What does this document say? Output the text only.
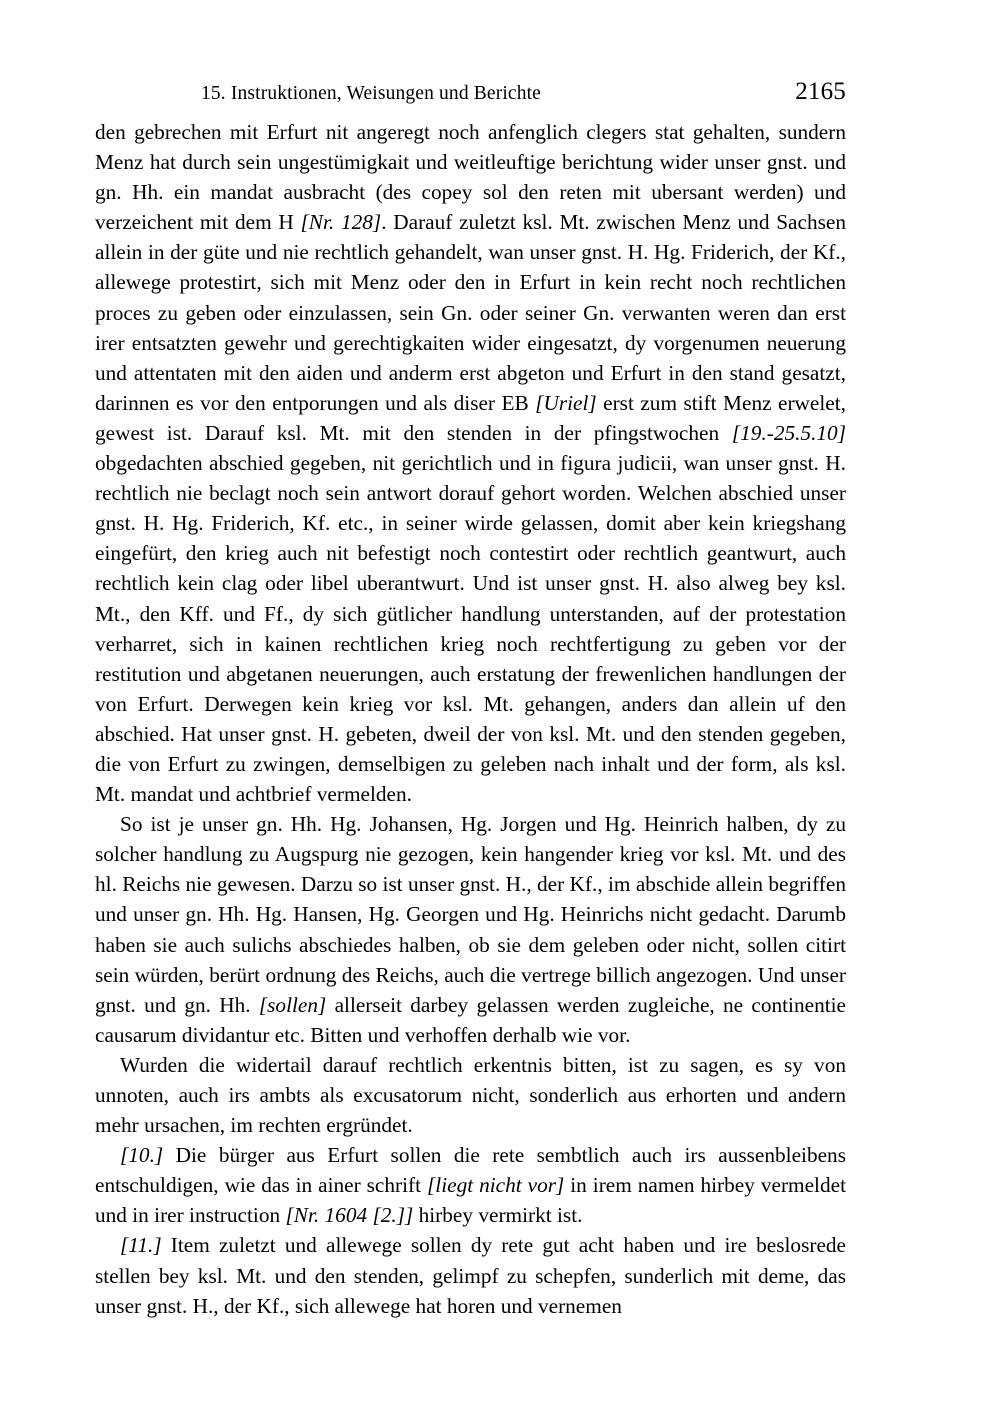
15. Instruktionen, Weisungen und Berichte	2165

den gebrechen mit Erfurt nit angeregt noch anfenglich clegers stat gehalten, sundern Menz hat durch sein ungestümigkait und weitleuftige berichtung wider unser gnst. und gn. Hh. ein mandat ausbracht (des copey sol den reten mit ubersant werden) und verzeichent mit dem H [Nr. 128]. Darauf zuletzt ksl. Mt. zwischen Menz und Sachsen allein in der güte und nie rechtlich gehandelt, wan unser gnst. H. Hg. Friderich, der Kf., allewege protestirt, sich mit Menz oder den in Erfurt in kein recht noch rechtlichen proces zu geben oder einzulassen, sein Gn. oder seiner Gn. verwanten weren dan erst irer entsatzten gewehr und gerechtigkaiten wider eingesatzt, dy vorgenumen neuerung und attentaten mit den aiden und anderm erst abgeton und Erfurt in den stand gesatzt, darinnen es vor den entporungen und als diser EB [Uriel] erst zum stift Menz erwelet, gewest ist. Darauf ksl. Mt. mit den stenden in der pfingstwochen [19.-25.5.10] obgedachten abschied gegeben, nit gerichtlich und in figura judicii, wan unser gnst. H. rechtlich nie beclagt noch sein antwort dorauf gehort worden. Welchen abschied unser gnst. H. Hg. Friderich, Kf. etc., in seiner wirde gelassen, domit aber kein kriegshang eingefürt, den krieg auch nit befestigt noch contestirt oder rechtlich geantwurt, auch rechtlich kein clag oder libel uberantwurt. Und ist unser gnst. H. also alweg bey ksl. Mt., den Kff. und Ff., dy sich gütlicher handlung unterstanden, auf der protestation verharret, sich in kainen rechtlichen krieg noch rechtfertigung zu geben vor der restitution und abgetanen neuerungen, auch erstatung der frewenlichen handlungen der von Erfurt. Derwegen kein krieg vor ksl. Mt. gehangen, anders dan allein uf den abschied. Hat unser gnst. H. gebeten, dweil der von ksl. Mt. und den stenden gegeben, die von Erfurt zu zwingen, demselbigen zu geleben nach inhalt und der form, als ksl. Mt. mandat und achtbrief vermelden.

So ist je unser gn. Hh. Hg. Johansen, Hg. Jorgen und Hg. Heinrich halben, dy zu solcher handlung zu Augspurg nie gezogen, kein hangender krieg vor ksl. Mt. und des hl. Reichs nie gewesen. Darzu so ist unser gnst. H., der Kf., im abschide allein begriffen und unser gn. Hh. Hg. Hansen, Hg. Georgen und Hg. Heinrichs nicht gedacht. Darumb haben sie auch sulichs abschiedes halben, ob sie dem geleben oder nicht, sollen citirt sein würden, berürt ordnung des Reichs, auch die vertrege billich angezogen. Und unser gnst. und gn. Hh. [sollen] allerseit darbey gelassen werden zugleiche, ne continentie causarum dividantur etc. Bitten und verhoffen derhalb wie vor.

Wurden die widertail darauf rechtlich erkentnis bitten, ist zu sagen, es sy von unnoten, auch irs ambts als excusatorum nicht, sonderlich aus erhorten und andern mehr ursachen, im rechten ergründet.

[10.] Die bürger aus Erfurt sollen die rete sembtlich auch irs aussenbleibens entschuldigen, wie das in ainer schrift [liegt nicht vor] in irem namen hirbey vermeldet und in irer instruction [Nr. 1604 [2.]] hirbey vermirkt ist.

[11.] Item zuletzt und allewege sollen dy rete gut acht haben und ire beslosrede stellen bey ksl. Mt. und den stenden, gelimpf zu schepfen, sunderlich mit deme, das unser gnst. H., der Kf., sich allewege hat horen und vernemen
